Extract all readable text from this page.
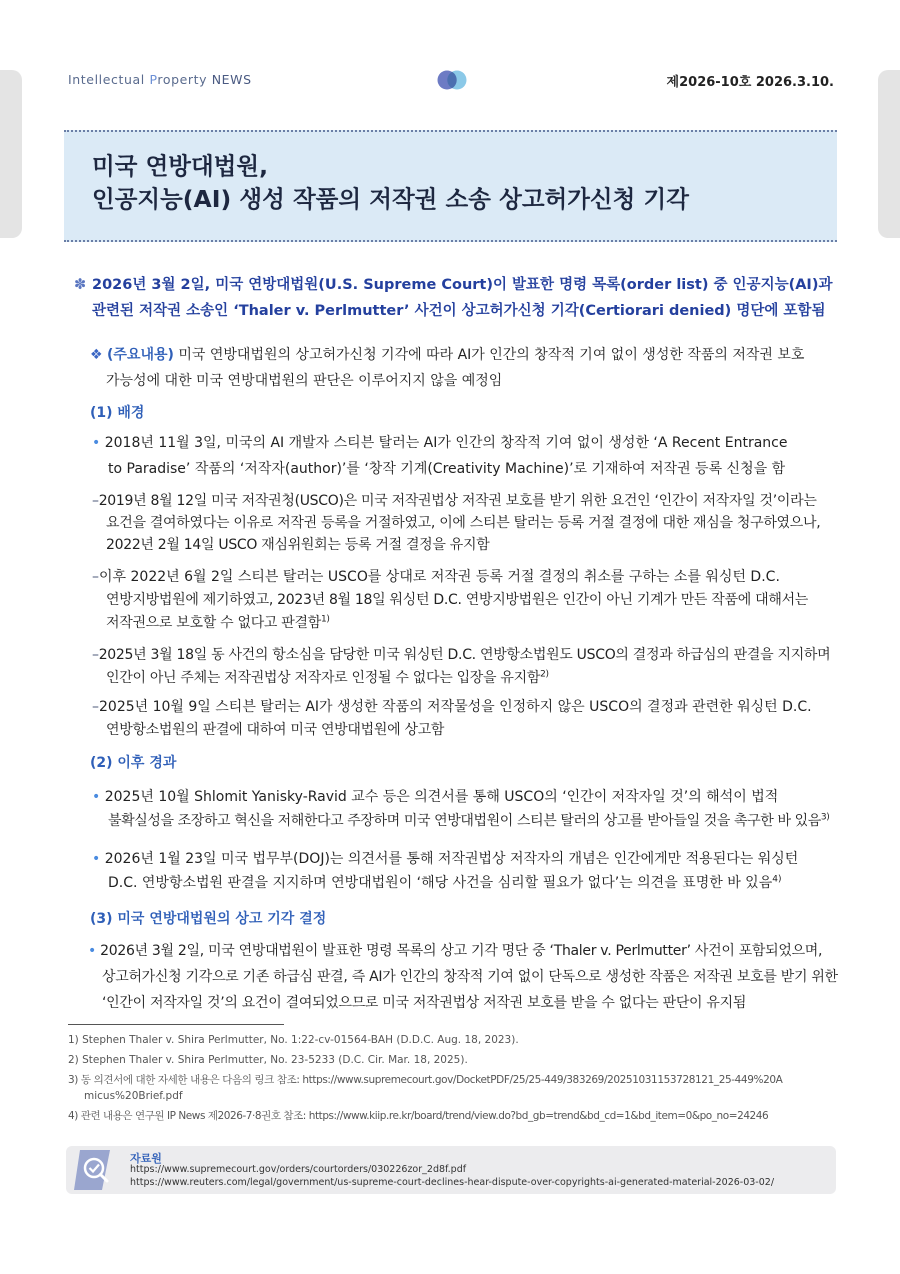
Intellectual Property NEWS	제2026-10호 2026.3.10.
미국 연방대법원,
인공지능(AI) 생성 작품의 저작권 소송 상고허가신청 기각
✽ 2026년 3월 2일, 미국 연방대법원(U.S. Supreme Court)이 발표한 명령 목록(order list) 중 인공지능(AI)과
관련된 저작권 소송인 ‘Thaler v. Perlmutter’ 사건이 상고허가신청 기각(Certiorari denied) 명단에 포함됨
❖ (주요내용) 미국 연방대법원의 상고허가신청 기각에 따라 AI가 인간의 창작적 기여 없이 생성한 작품의 저작권 보호
가능성에 대한 미국 연방대법원의 판단은 이루어지지 않을 예정임
(1) 배경
• 2018년 11월 3일, 미국의 AI 개발자 스티븐 탈러는 AI가 인간의 창작적 기여 없이 생성한 ‘A Recent Entrance
to Paradise’ 작품의 ‘저작자(author)’를 ‘창작 기계(Creativity Machine)’로 기재하여 저작권 등록 신청을 함
–2019년 8월 12일 미국 저작권청(USCO)은 미국 저작권법상 저작권 보호를 받기 위한 요건인 ‘인간이 저작자일 것’이라는
요건을 결여하였다는 이유로 저작권 등록을 거절하였고, 이에 스티븐 탈러는 등록 거절 결정에 대한 재심을 청구하였으나,
2022년 2월 14일 USCO 재심위원회는 등록 거절 결정을 유지함
–이후 2022년 6월 2일 스티븐 탈러는 USCO를 상대로 저작권 등록 거절 결정의 취소를 구하는 소를 워싱턴 D.C.
연방지방법원에 제기하였고, 2023년 8월 18일 워싱턴 D.C. 연방지방법원은 인간이 아닌 기계가 만든 작품에 대해서는
저작권으로 보호할 수 없다고 판결함$^{1)}$
–2025년 3월 18일 동 사건의 항소심을 담당한 미국 워싱턴 D.C. 연방항소법원도 USCO의 결정과 하급심의 판결을 지지하며
인간이 아닌 주체는 저작권법상 저작자로 인정될 수 없다는 입장을 유지함$^{2)}$
–2025년 10월 9일 스티븐 탈러는 AI가 생성한 작품의 저작물성을 인정하지 않은 USCO의 결정과 관련한 워싱턴 D.C.
연방항소법원의 판결에 대하여 미국 연방대법원에 상고함
(2) 이후 경과
• 2025년 10월 Shlomit Yanisky-Ravid 교수 등은 의견서를 통해 USCO의 ‘인간이 저작자일 것’의 해석이 법적
불확실성을 조장하고 혁신을 저해한다고 주장하며 미국 연방대법원이 스티븐 탈러의 상고를 받아들일 것을 촉구한 바 있음$^{3)}$
• 2026년 1월 23일 미국 법무부(DOJ)는 의견서를 통해 저작권법상 저작자의 개념은 인간에게만 적용된다는 워싱턴
D.C. 연방항소법원 판결을 지지하며 연방대법원이 ‘해당 사건을 심리할 필요가 없다’는 의견을 표명한 바 있음$^{4)}$
(3) 미국 연방대법원의 상고 기각 결정
• 2026년 3월 2일, 미국 연방대법원이 발표한 명령 목록의 상고 기각 명단 중 ‘Thaler v. Perlmutter’ 사건이 포함되었으며,
상고허가신청 기각으로 기존 하급심 판결, 즉 AI가 인간의 창작적 기여 없이 단독으로 생성한 작품은 저작권 보호를 받기 위한
‘인간이 저작자일 것’의 요건이 결여되었으므로 미국 저작권법상 저작권 보호를 받을 수 없다는 판단이 유지됨
1) Stephen Thaler v. Shira Perlmutter, No. 1:22-cv-01564-BAH (D.D.C. Aug. 18, 2023).
2) Stephen Thaler v. Shira Perlmutter, No. 23-5233 (D.C. Cir. Mar. 18, 2025).
3) 동 의견서에 대한 자세한 내용은 다음의 링크 참조: https://www.supremecourt.gov/DocketPDF/25/25-449/383269/20251031153728121_25-449%20A
micus%20Brief.pdf
4) 관련 내용은 연구원 IP News 제2026-7·8권호 참조: https://www.kiip.re.kr/board/trend/view.do?bd_gb=trend&bd_cd=1&bd_item=0&po_no=24246
자료원
https://www.supremecourt.gov/orders/courtorders/030226zor_2d8f.pdf
https://www.reuters.com/legal/government/us-supreme-court-declines-hear-dispute-over-copyrights-ai-generated-material-2026-03-02/
